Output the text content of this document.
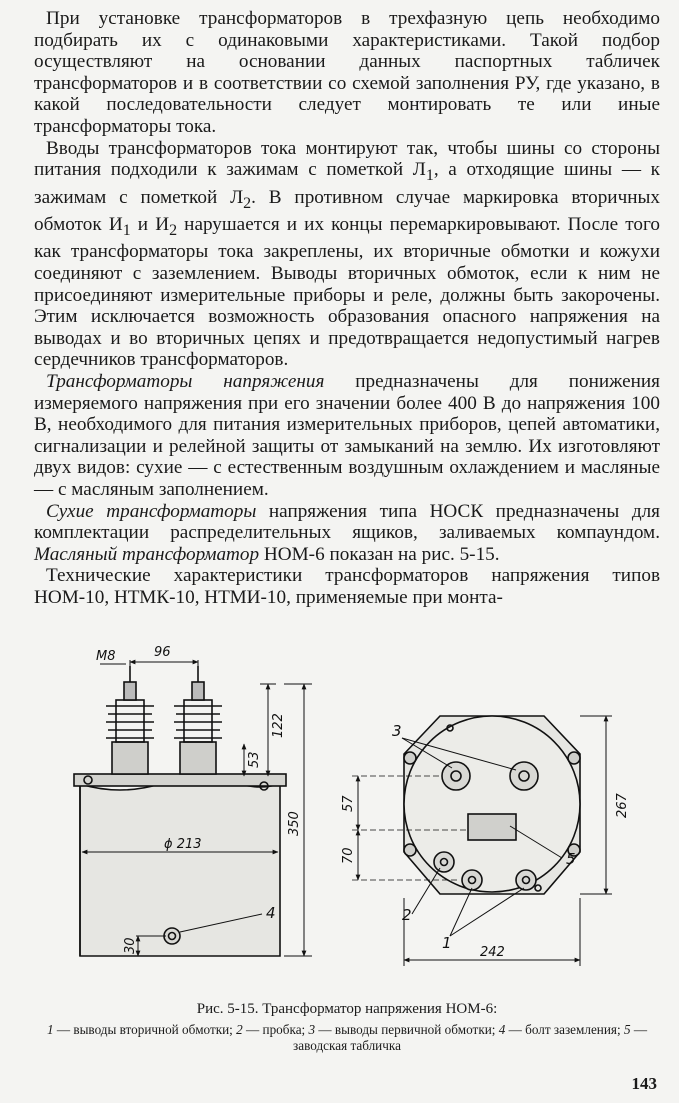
При установке трансформаторов в трехфазную цепь необходимо подбирать их с одинаковыми характеристиками. Такой подбор осуществляют на основании данных паспортных табличек трансформаторов и в соответствии со схемой заполнения РУ, где указано, в какой последовательности следует монтировать те или иные трансформаторы тока.

Вводы трансформаторов тока монтируют так, чтобы шины со стороны питания подходили к зажимам с пометкой $Л_1$, а отходящие шины — к зажимам с пометкой $Л_2$. В противном случае маркировка вторичных обмоток $И_1$ и $И_2$ нарушается и их концы перемаркировывают. После того как трансформаторы тока закреплены, их вторичные обмотки и кожухи соединяют с заземлением. Выводы вторичных обмоток, если к ним не присоединяют измерительные приборы и реле, должны быть закорочены. Этим исключается возможность образования опасного напряжения на выводах и во вторичных цепях и предотвращается недопустимый нагрев сердечников трансформаторов.

Трансформаторы напряжения предназначены для понижения измеряемого напряжения при его значении более 400 В до напряжения 100 В, необходимого для питания измерительных приборов, цепей автоматики, сигнализации и релейной защиты от замыканий на землю. Их изготовляют двух видов: сухие — с естественным воздушным охлаждением и масляные — с масляным заполнением.

Сухие трансформаторы напряжения типа НОСК предназначены для комплектации распределительных ящиков, заливаемых компаундом. Масляный трансформатор НОМ-6 показан на рис. 5-15.

Технические характеристики трансформаторов напряжения типов НОМ-10, НТМК-10, НТМИ-10, применяемые при монта-

M8	96
ϕ 213
122
53
350
30
4
57
70
267
242
3
5
2
1
Рис. 5-15. Трансформатор напряжения НОМ-6:
1 — выводы вторичной обмотки; 2 — пробка; 3 — выводы первичной обмотки; 4 — болт заземления; 5 — заводская табличка
143
